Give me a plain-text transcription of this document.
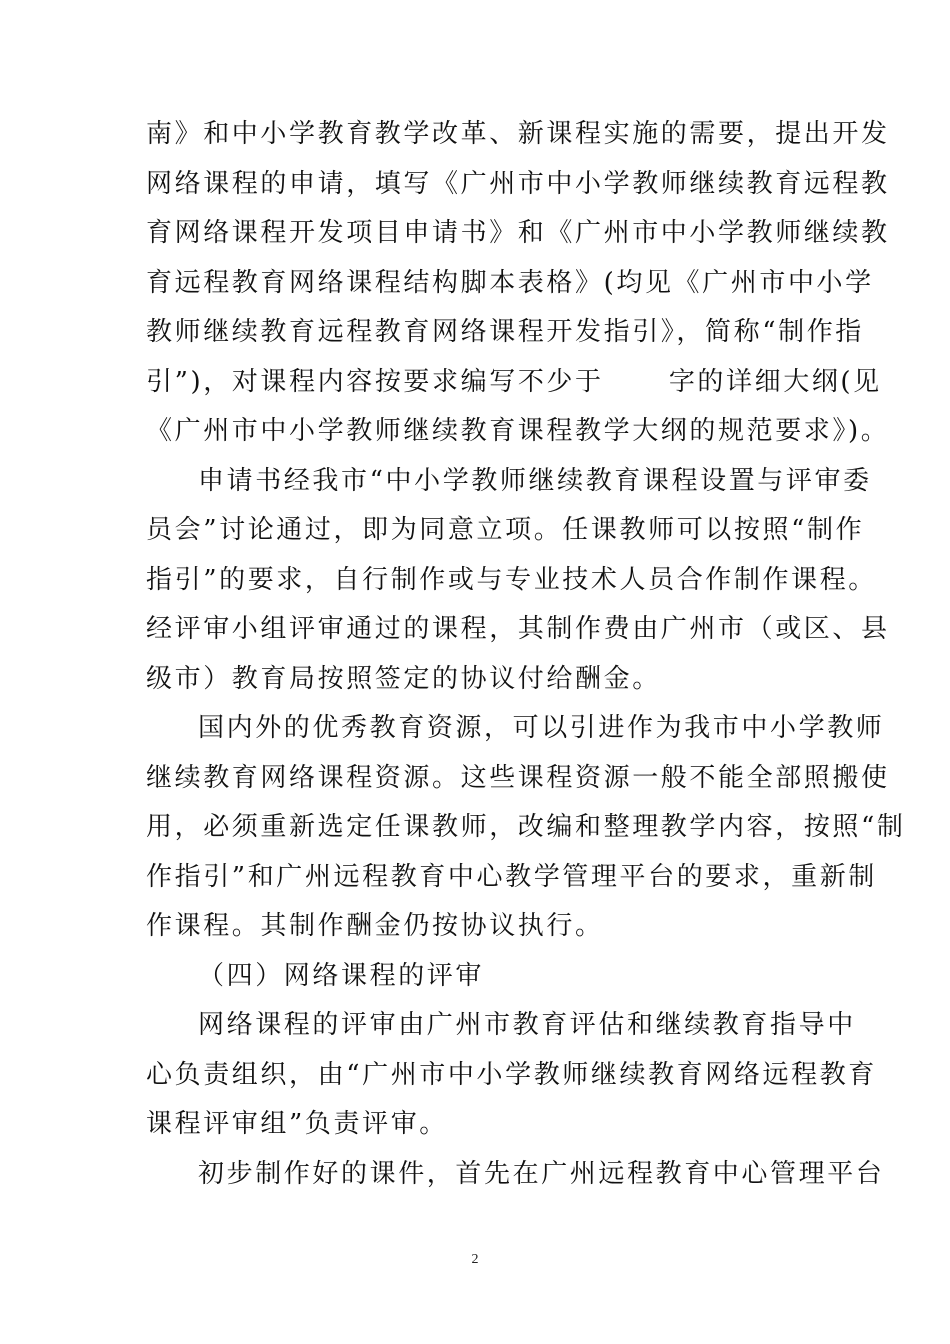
南》和中小学教育教学改革、新课程实施的需要，提出开发
网络课程的申请，填写《广州市中小学教师继续教育远程教
育网络课程开发项目申请书》和《广州市中小学教师继续教
育远程教育网络课程结构脚本表格》(均见《广州市中小学
教师继续教育远程教育网络课程开发指引》，简称“制作指
引”)，对课程内容按要求编写不少于      字的详细大纲(见
《广州市中小学教师继续教育课程教学大纲的规范要求》)。
申请书经我市“中小学教师继续教育课程设置与评审委
员会”讨论通过，即为同意立项。任课教师可以按照“制作
指引”的要求，自行制作或与专业技术人员合作制作课程。
经评审小组评审通过的课程，其制作费由广州市（或区、县
级市）教育局按照签定的协议付给酬金。
国内外的优秀教育资源，可以引进作为我市中小学教师
继续教育网络课程资源。这些课程资源一般不能全部照搬使
用，必须重新选定任课教师，改编和整理教学内容，按照“制
作指引”和广州远程教育中心教学管理平台的要求，重新制
作课程。其制作酬金仍按协议执行。
（四）网络课程的评审
网络课程的评审由广州市教育评估和继续教育指导中
心负责组织，由“广州市中小学教师继续教育网络远程教育
课程评审组”负责评审。
初步制作好的课件，首先在广州远程教育中心管理平台
2
